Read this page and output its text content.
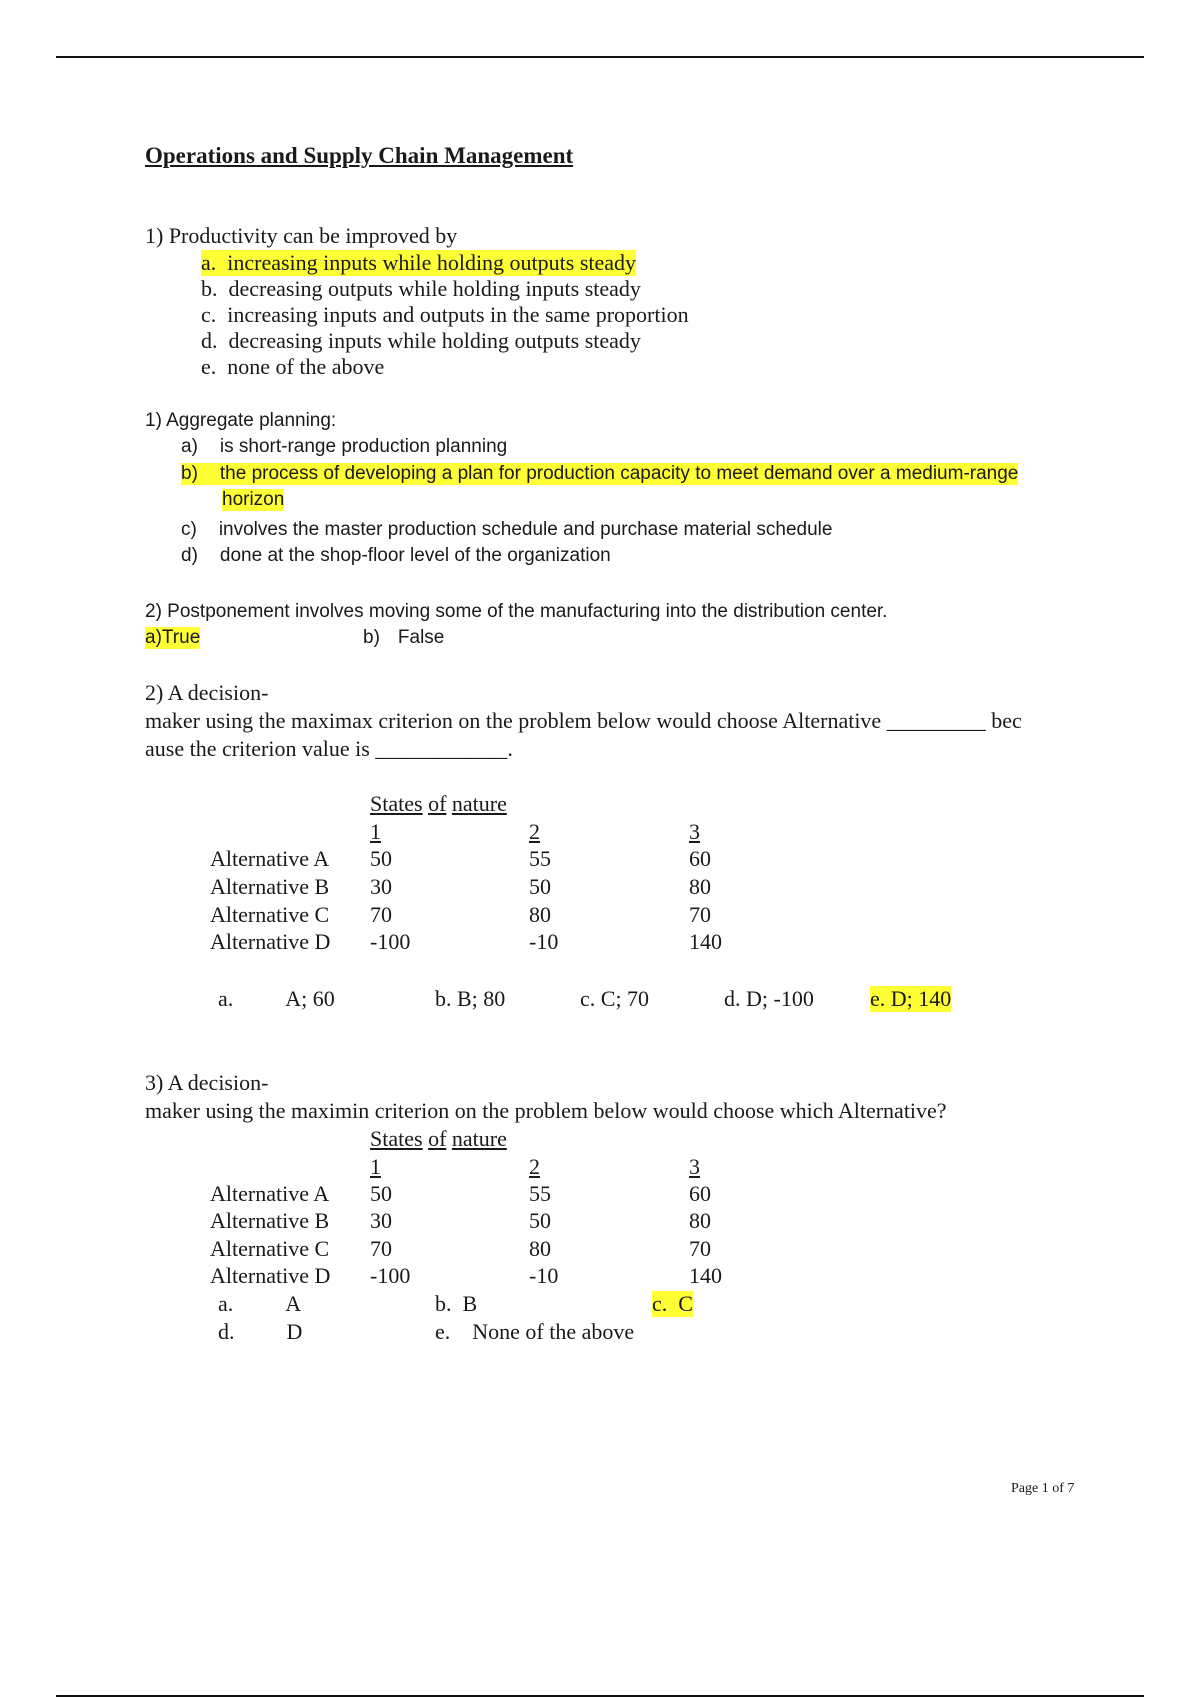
Operations and Supply Chain Management
1) Productivity can be improved by
a. increasing inputs while holding outputs steady
b. decreasing outputs while holding inputs steady
c. increasing inputs and outputs in the same proportion
d. decreasing inputs while holding outputs steady
e. none of the above
1) Aggregate planning:
a) is short-range production planning
b) the process of developing a plan for production capacity to meet demand over a medium-range
horizon
c) involves the master production schedule and purchase material schedule
d) done at the shop-floor level of the organization
2) Postponement involves moving some of the manufacturing into the distribution center.
a)True	b) False
2) A decision-
maker using the maximax criterion on the problem below would choose Alternative _________ bec
ause the criterion value is ____________.
States of nature
1	2	3
Alternative A 50	55	60
Alternative B 30	50	80
Alternative C 70	80	70
Alternative D -100	-10	140
a. A; 60	b. B; 80	c. C; 70	d. D; -100	e. D; 140
3) A decision-
maker using the maximin criterion on the problem below would choose which Alternative?
States of nature
1	2	3
Alternative A 50	55	60
Alternative B 30	50	80
Alternative C 70	80	70
Alternative D -100	-10	140
a. A	b. B	c. C
d. D	e. None of the above
Page 1 of 7
